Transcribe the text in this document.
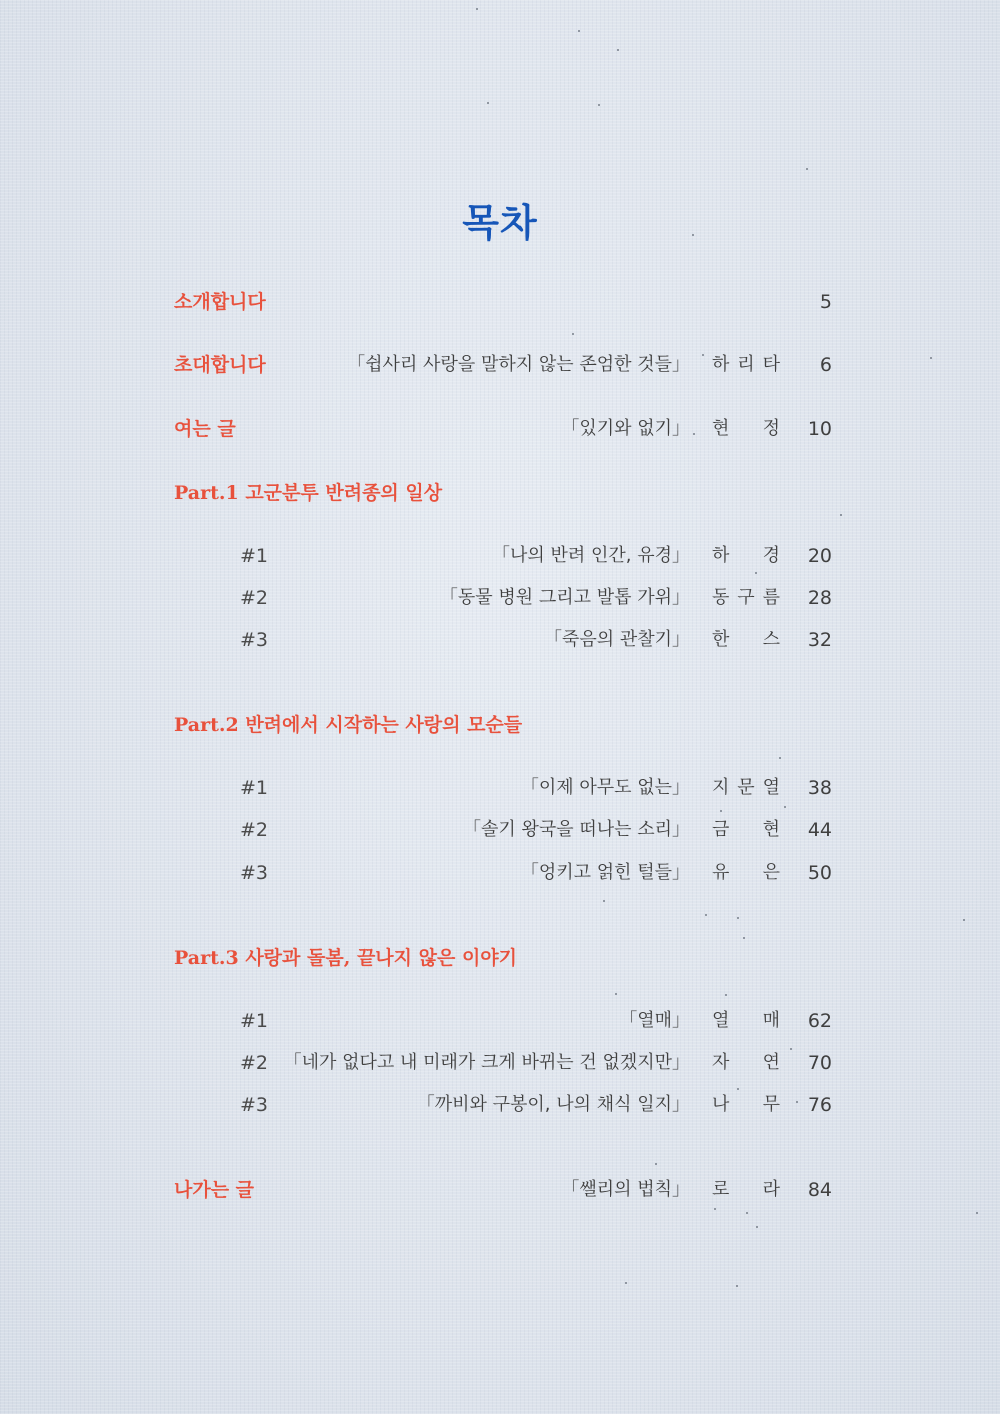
목차
소개합니다	5
초대합니다	「쉽사리 사랑을 말하지 않는 존엄한 것들」 하 리 타 6
여는 글	「있기와 없기」 현 정 10
Part.1 고군분투 반려종의 일상
#1	「나의 반려 인간, 유경」 하 경 20
#2	「동물 병원 그리고 발톱 가위」 동 구 름 28
#3	「죽음의 관찰기」 한 스 32
Part.2 반려에서 시작하는 사랑의 모순들
#1	「이제 아무도 없는」 지 문 열 38
#2	「솔기 왕국을 떠나는 소리」 금 현 44
#3	「엉키고 얽힌 털들」 유 은 50
Part.3 사랑과 돌봄, 끝나지 않은 이야기
#1	「열매」 열 매 62
#2 「네가 없다고 내 미래가 크게 바뀌는 건 없겠지만」 자 연 70
#3	「까비와 구봉이, 나의 채식 일지」 나 무 76
나가는 글	「쌜리의 법칙」 로 라 84
